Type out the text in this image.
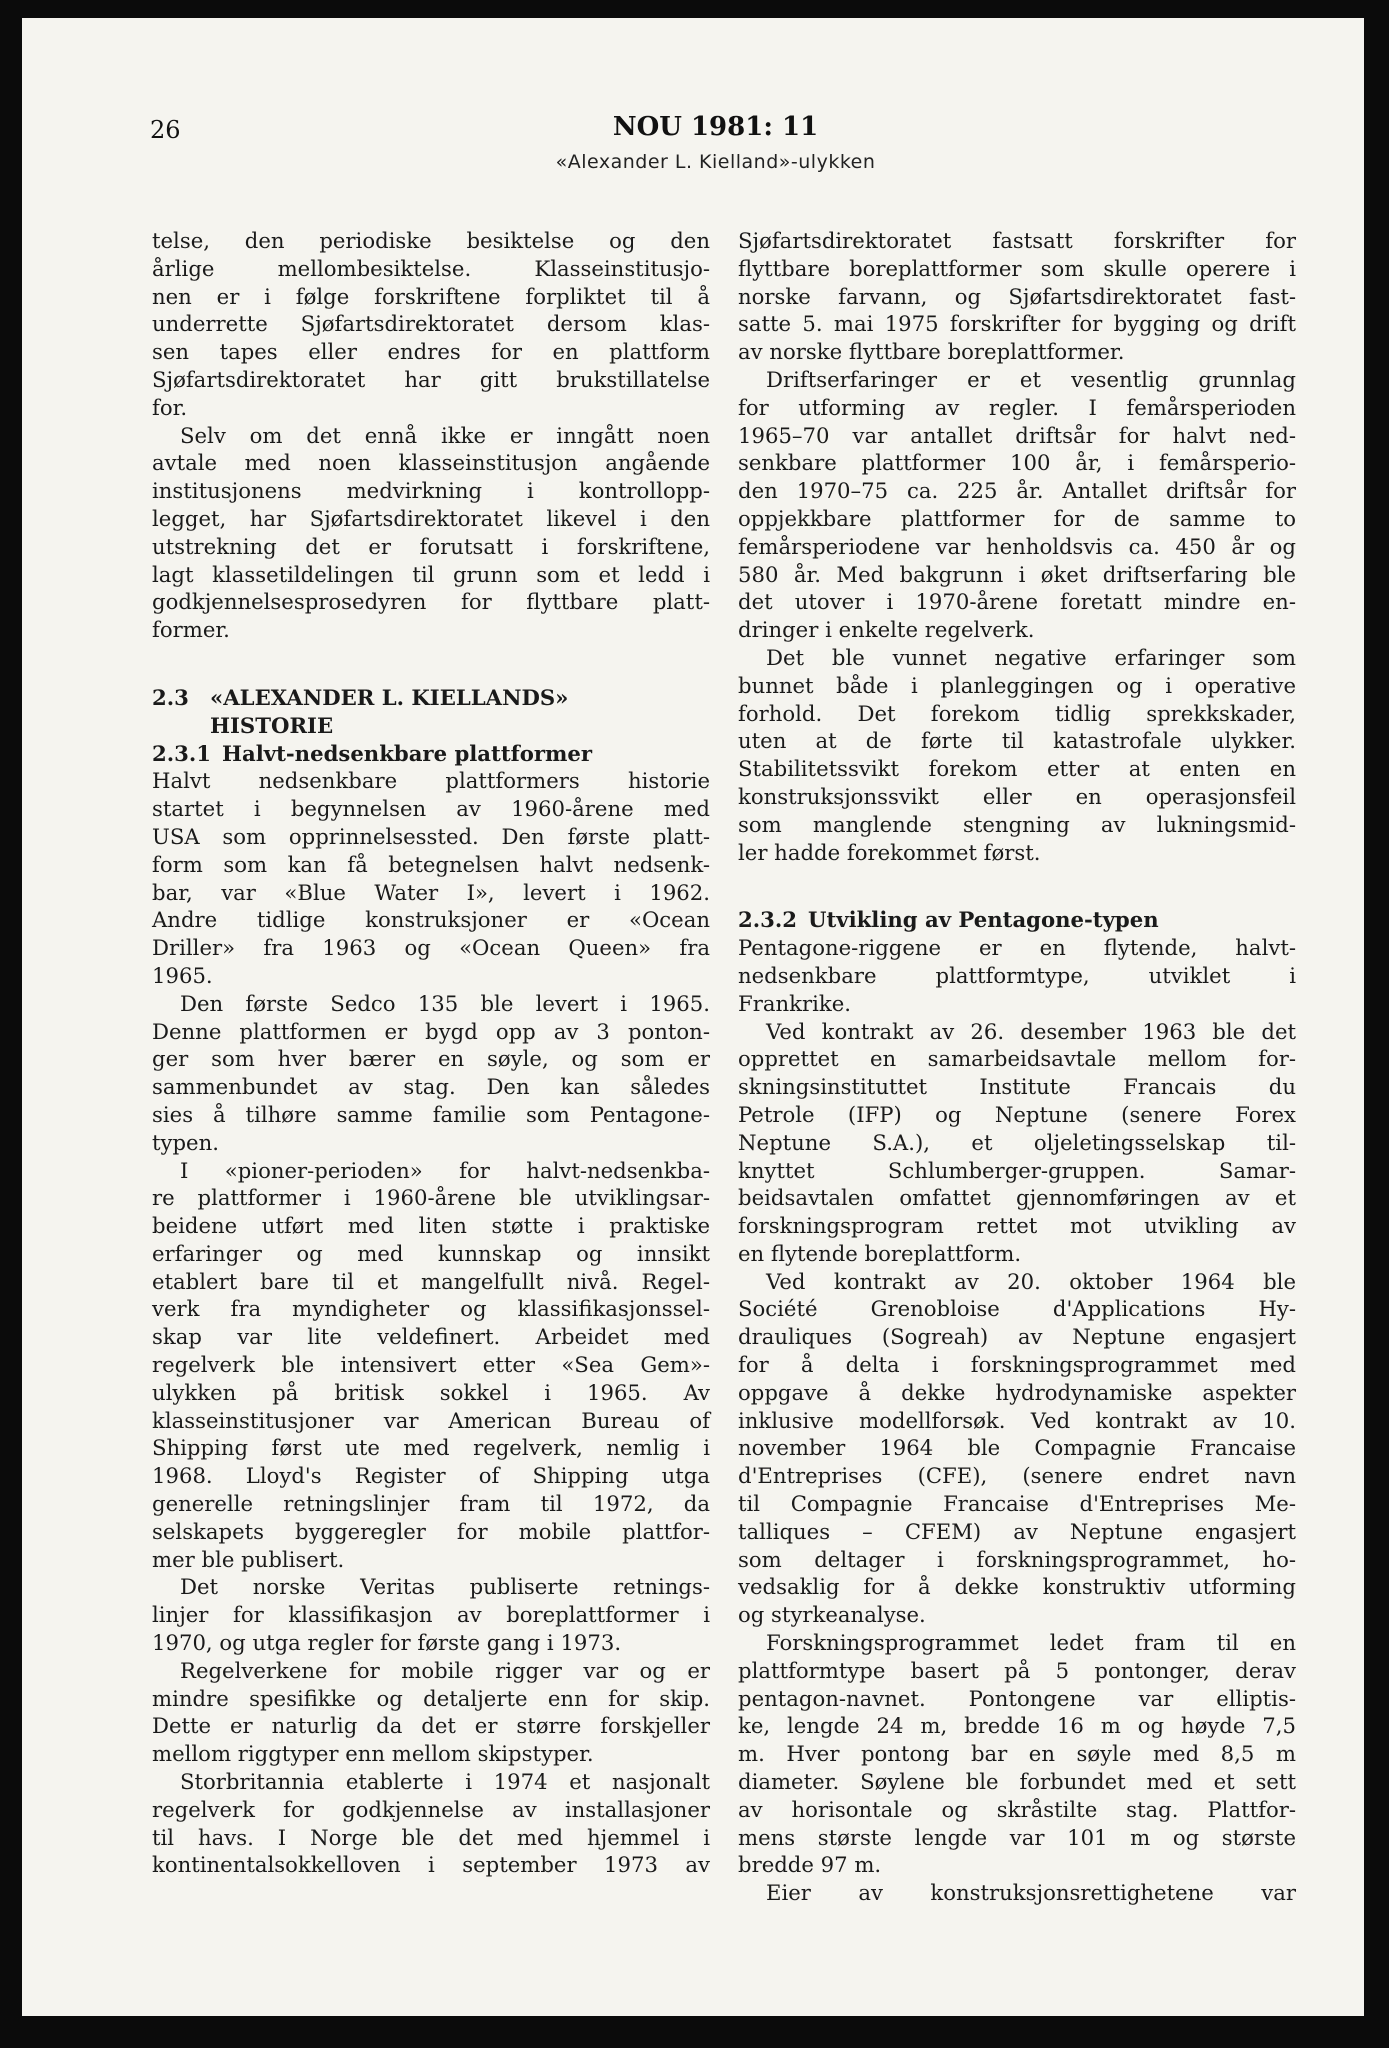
26	NOU 1981: 11
«Alexander L. Kielland»-ulykken
telse, den periodiske besiktelse og den
årlige mellombesiktelse. Klasseinstitusjo-
nen er i følge forskriftene forpliktet til å
underrette Sjøfartsdirektoratet dersom klas-
sen tapes eller endres for en plattform
Sjøfartsdirektoratet har gitt brukstillatelse
for.
Selv om det ennå ikke er inngått noen
avtale med noen klasseinstitusjon angående
institusjonens medvirkning i kontrollopp-
legget, har Sjøfartsdirektoratet likevel i den
utstrekning det er forutsatt i forskriftene,
lagt klassetildelingen til grunn som et ledd i
godkjennelsesprosedyren for flyttbare platt-
former.
2.3 «ALEXANDER L. KIELLANDS»
HISTORIE
2.3.1 Halvt-nedsenkbare plattformer
Halvt nedsenkbare plattformers historie
startet i begynnelsen av 1960-årene med
USA som opprinnelsessted. Den første platt-
form som kan få betegnelsen halvt nedsenk-
bar, var «Blue Water I», levert i 1962.
Andre tidlige konstruksjoner er «Ocean
Driller» fra 1963 og «Ocean Queen» fra
1965.
Den første Sedco 135 ble levert i 1965.
Denne plattformen er bygd opp av 3 ponton-
ger som hver bærer en søyle, og som er
sammenbundet av stag. Den kan således
sies å tilhøre samme familie som Pentagone-
typen.
I «pioner-perioden» for halvt-nedsenkba-
re plattformer i 1960-årene ble utviklingsar-
beidene utført med liten støtte i praktiske
erfaringer og med kunnskap og innsikt
etablert bare til et mangelfullt nivå. Regel-
verk fra myndigheter og klassifikasjonssel-
skap var lite veldefinert. Arbeidet med
regelverk ble intensivert etter «Sea Gem»-
ulykken på britisk sokkel i 1965. Av
klasseinstitusjoner var American Bureau of
Shipping først ute med regelverk, nemlig i
1968. Lloyd's Register of Shipping utga
generelle retningslinjer fram til 1972, da
selskapets byggeregler for mobile plattfor-
mer ble publisert.
Det norske Veritas publiserte retnings-
linjer for klassifikasjon av boreplattformer i
1970, og utga regler for første gang i 1973.
Regelverkene for mobile rigger var og er
mindre spesifikke og detaljerte enn for skip.
Dette er naturlig da det er større forskjeller
mellom riggtyper enn mellom skipstyper.
Storbritannia etablerte i 1974 et nasjonalt
regelverk for godkjennelse av installasjoner
til havs. I Norge ble det med hjemmel i
kontinentalsokkelloven i september 1973 av
Sjøfartsdirektoratet fastsatt forskrifter for
flyttbare boreplattformer som skulle operere i
norske farvann, og Sjøfartsdirektoratet fast-
satte 5. mai 1975 forskrifter for bygging og drift
av norske flyttbare boreplattformer.
Driftserfaringer er et vesentlig grunnlag
for utforming av regler. I femårsperioden
1965–70 var antallet driftsår for halvt ned-
senkbare plattformer 100 år, i femårsperio-
den 1970–75 ca. 225 år. Antallet driftsår for
oppjekkbare plattformer for de samme to
femårsperiodene var henholdsvis ca. 450 år og
580 år. Med bakgrunn i øket driftserfaring ble
det utover i 1970-årene foretatt mindre en-
dringer i enkelte regelverk.
Det ble vunnet negative erfaringer som
bunnet både i planleggingen og i operative
forhold. Det forekom tidlig sprekkskader,
uten at de førte til katastrofale ulykker.
Stabilitetssvikt forekom etter at enten en
konstruksjonssvikt eller en operasjonsfeil
som manglende stengning av lukningsmid-
ler hadde forekommet først.
2.3.2 Utvikling av Pentagone-typen
Pentagone-riggene er en flytende, halvt-
nedsenkbare plattformtype, utviklet i
Frankrike.
Ved kontrakt av 26. desember 1963 ble det
opprettet en samarbeidsavtale mellom for-
skningsinstituttet Institute Francais du
Petrole (IFP) og Neptune (senere Forex
Neptune S.A.), et oljeletingsselskap til-
knyttet Schlumberger-gruppen. Samar-
beidsavtalen omfattet gjennomføringen av et
forskningsprogram rettet mot utvikling av
en flytende boreplattform.
Ved kontrakt av 20. oktober 1964 ble
Société Grenobloise d'Applications Hy-
drauliques (Sogreah) av Neptune engasjert
for å delta i forskningsprogrammet med
oppgave å dekke hydrodynamiske aspekter
inklusive modellforsøk. Ved kontrakt av 10.
november 1964 ble Compagnie Francaise
d'Entreprises (CFE), (senere endret navn
til Compagnie Francaise d'Entreprises Me-
talliques – CFEM) av Neptune engasjert
som deltager i forskningsprogrammet, ho-
vedsaklig for å dekke konstruktiv utforming
og styrkeanalyse.
Forskningsprogrammet ledet fram til en
plattformtype basert på 5 pontonger, derav
pentagon-navnet. Pontongene var elliptis-
ke, lengde 24 m, bredde 16 m og høyde 7,5
m. Hver pontong bar en søyle med 8,5 m
diameter. Søylene ble forbundet med et sett
av horisontale og skråstilte stag. Plattfor-
mens største lengde var 101 m og største
bredde 97 m.
Eier av konstruksjonsrettighetene var
